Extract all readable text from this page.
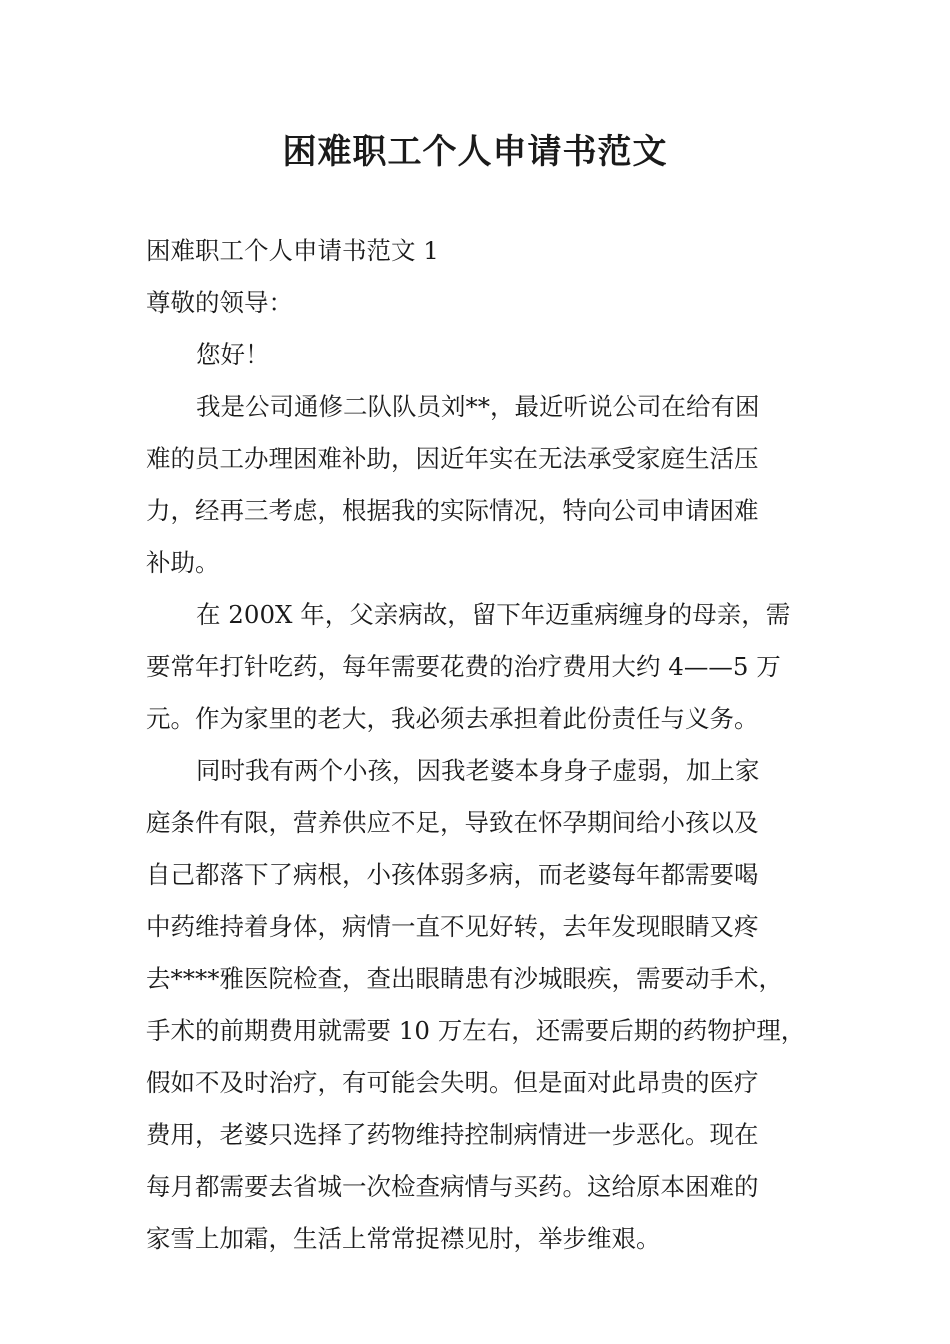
困难职工个人申请书范文

困难职工个人申请书范文 1

尊敬的领导：

您好！

我是公司通修二队队员刘**，最近听说公司在给有困

难的员工办理困难补助，因近年实在无法承受家庭生活压

力，经再三考虑，根据我的实际情况，特向公司申请困难

补助。

在 200X 年，父亲病故，留下年迈重病缠身的母亲，需

要常年打针吃药，每年需要花费的治疗费用大约 4——5 万

元。作为家里的老大，我必须去承担着此份责任与义务。

同时我有两个小孩，因我老婆本身身子虚弱，加上家

庭条件有限，营养供应不足，导致在怀孕期间给小孩以及

自己都落下了病根，小孩体弱多病，而老婆每年都需要喝

中药维持着身体，病情一直不见好转，去年发现眼睛又疼

去****雅医院检查，查出眼睛患有沙城眼疾，需要动手术，

手术的前期费用就需要 10 万左右，还需要后期的药物护理，

假如不及时治疗，有可能会失明。但是面对此昂贵的医疗

费用，老婆只选择了药物维持控制病情进一步恶化。现在

每月都需要去省城一次检查病情与买药。这给原本困难的

家雪上加霜，生活上常常捉襟见肘，举步维艰。
